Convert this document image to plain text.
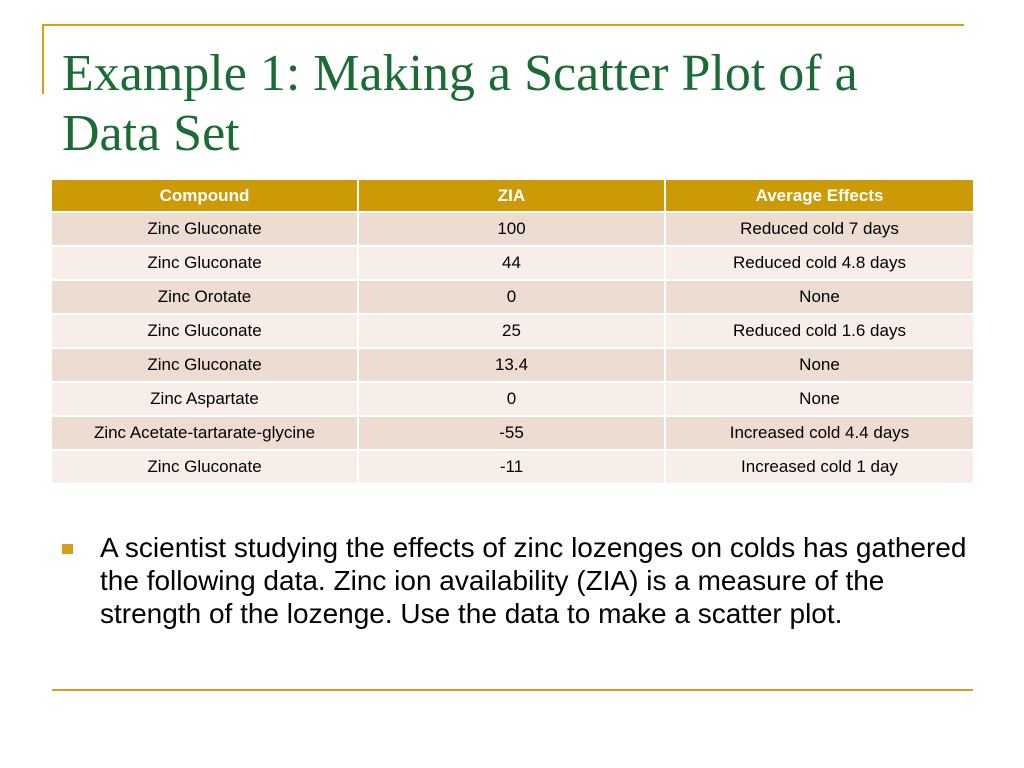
Example 1: Making a Scatter Plot of a Data Set
Compound	ZIA	Average Effects
Zinc Gluconate	100	Reduced cold 7 days
Zinc Gluconate	44	Reduced cold 4.8 days
Zinc Orotate	0	None
Zinc Gluconate	25	Reduced cold 1.6 days
Zinc Gluconate	13.4	None
Zinc Aspartate	0	None
Zinc Acetate-tartarate-glycine	-55	Increased cold 4.4 days
Zinc Gluconate	-11	Increased cold 1 day

A scientist studying the effects of zinc lozenges on colds has gathered the following data. Zinc ion availability (ZIA) is a measure of the strength of the lozenge. Use the data to make a scatter plot.
